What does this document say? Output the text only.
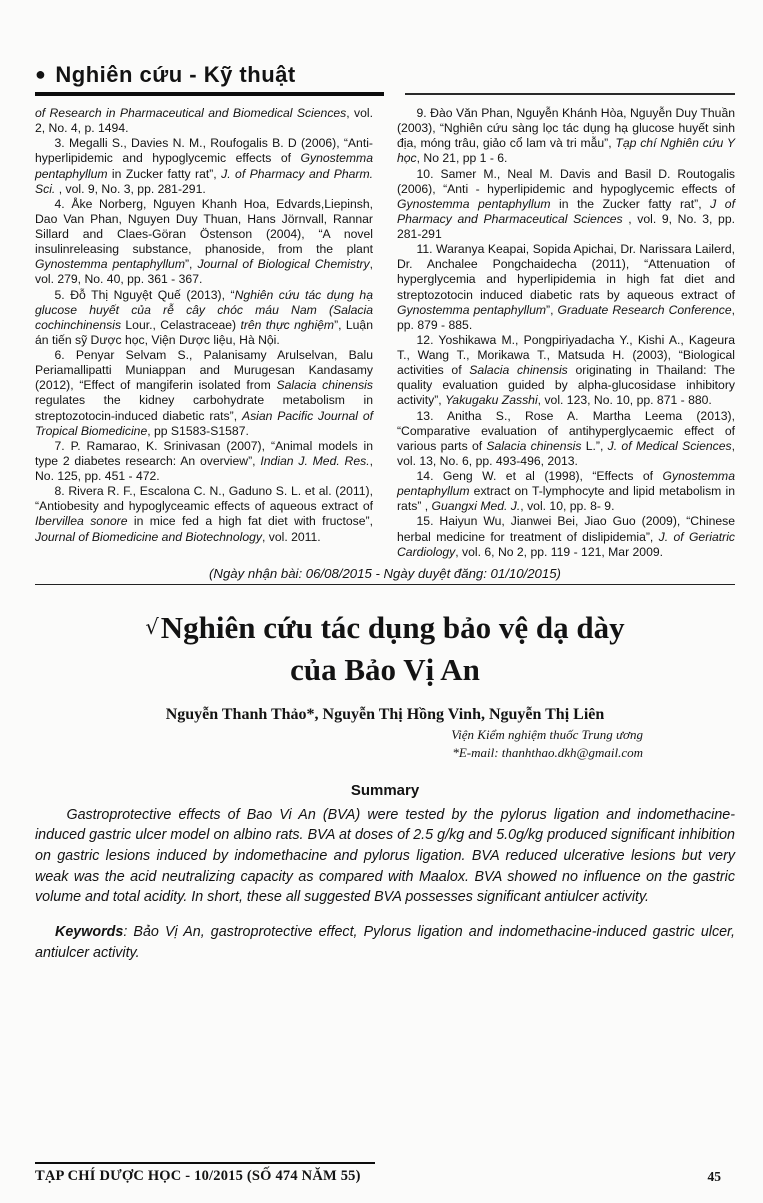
● Nghiên cứu - Kỹ thuật

of Research in Pharmaceutical and Biomedical Sciences, vol. 2, No. 4, p. 1494.

3. Megalli S., Davies N. M., Roufogalis B. D (2006), “Anti-hyperlipidemic and hypoglycemic effects of Gynostemma pentaphyllum in Zucker fatty rat”, J. of Pharmacy and Pharm. Sci. , vol. 9, No. 3, pp. 281-291.

4. Åke Norberg, Nguyen Khanh Hoa, Edvards,Liepinsh, Dao Van Phan, Nguyen Duy Thuan, Hans Jörnvall, Rannar Sillard and Claes-Göran Östenson (2004), “A novel insulinreleasing substance, phanoside, from the plant Gynostemma pentaphyllum”, Journal of Biological Chemistry, vol. 279, No. 40, pp. 361 - 367.

5. Đỗ Thị Nguyệt Quế (2013), “Nghiên cứu tác dụng hạ glucose huyết của rễ cây chóc máu Nam (Salacia cochinchinensis Lour., Celastraceae) trên thực nghiệm”, Luận án tiến sỹ Dược học, Viện Dược liệu, Hà Nội.

6. Penyar Selvam S., Palanisamy Arulselvan, Balu Periamallipatti Muniappan and Murugesan Kandasamy (2012), “Effect of mangiferin isolated from Salacia chinensis regulates the kidney carbohydrate metabolism in streptozotocin-induced diabetic rats”, Asian Pacific Journal of Tropical Biomedicine, pp S1583-S1587.

7. P. Ramarao, K. Srinivasan (2007), “Animal models in type 2 diabetes research: An overview”, Indian J. Med. Res., No. 125, pp. 451 - 472.

8. Rivera R. F., Escalona C. N., Gaduno S. L. et al. (2011), “Antiobesity and hypoglyceamic effects of aqueous extract of Ibervillea sonore in mice fed a high fat diet with fructose”, Journal of Biomedicine and Biotechnology, vol. 2011.

9. Đào Văn Phan, Nguyễn Khánh Hòa, Nguyễn Duy Thuần (2003), “Nghiên cứu sàng lọc tác dụng hạ glucose huyết sinh địa, móng trâu, giảo cổ lam và tri mẫu”, Tạp chí Nghiên cứu Y học, No 21, pp 1 - 6.

10. Samer M., Neal M. Davis and Basil D. Routogalis (2006), “Anti - hyperlipidemic and hypoglycemic effects of Gynostemma pentaphyllum in the Zucker fatty rat”, J of Pharmacy and Pharmaceutical Sciences , vol. 9, No. 3, pp. 281-291

11. Waranya Keapai, Sopida Apichai, Dr. Narissara Lailerd, Dr. Anchalee Pongchaidecha (2011), “Attenuation of hyperglycemia and hyperlipidemia in high fat diet and streptozotocin induced diabetic rats by aqueous extract of Gynostemma pentaphyllum”, Graduate Research Conference, pp. 879 - 885.

12. Yoshikawa M., Pongpiriyadacha Y., Kishi A., Kageura T., Wang T., Morikawa T., Matsuda H. (2003), “Biological activities of Salacia chinensis originating in Thailand: The quality evaluation guided by alpha-glucosidase inhibitory activity”, Yakugaku Zasshi, vol. 123, No. 10, pp. 871 - 880.

13. Anitha S., Rose A. Martha Leema (2013), “Comparative evaluation of antihyperglycaemic effect of various parts of Salacia chinensis L.”, J. of Medical Sciences, vol. 13, No. 6, pp. 493-496, 2013.

14. Geng W. et al (1998), “Effects of Gynostemma pentaphyllum extract on T-lymphocyte and lipid metabolism in rats” , Guangxi Med. J., vol. 10, pp. 8- 9.

15. Haiyun Wu, Jianwei Bei, Jiao Guo (2009), “Chinese herbal medicine for treatment of dislipidemia”, J. of Geriatric Cardiology, vol. 6, No 2, pp. 119 - 121, Mar 2009.

(Ngày nhận bài: 06/08/2015 - Ngày duyệt đăng: 01/10/2015)
√Nghiên cứu tác dụng bảo vệ dạ dày
của Bảo Vị An
Nguyễn Thanh Thảo*, Nguyễn Thị Hồng Vinh, Nguyễn Thị Liên
Viện Kiểm nghiệm thuốc Trung ương
*E-mail: thanhthao.dkh@gmail.com
Summary

Gastroprotective effects of Bao Vi An (BVA) were tested by the pylorus ligation and indomethacine-induced gastric ulcer model on albino rats. BVA at doses of 2.5 g/kg and 5.0g/kg produced significant inhibition on gastric lesions induced by indomethacine and pylorus ligation. BVA reduced ulcerative lesions but very weak was the acid neutralizing capacity as compared with Maalox. BVA showed no influence on the gastric volume and total acidity. In short, these all suggested BVA possesses significant antiulcer activity.

Keywords: Bảo Vị An, gastroprotective effect, Pylorus ligation and indomethacine-induced gastric ulcer, antiulcer activity.

TẠP CHÍ DƯỢC HỌC - 10/2015 (SỐ 474 NĂM 55)	45
